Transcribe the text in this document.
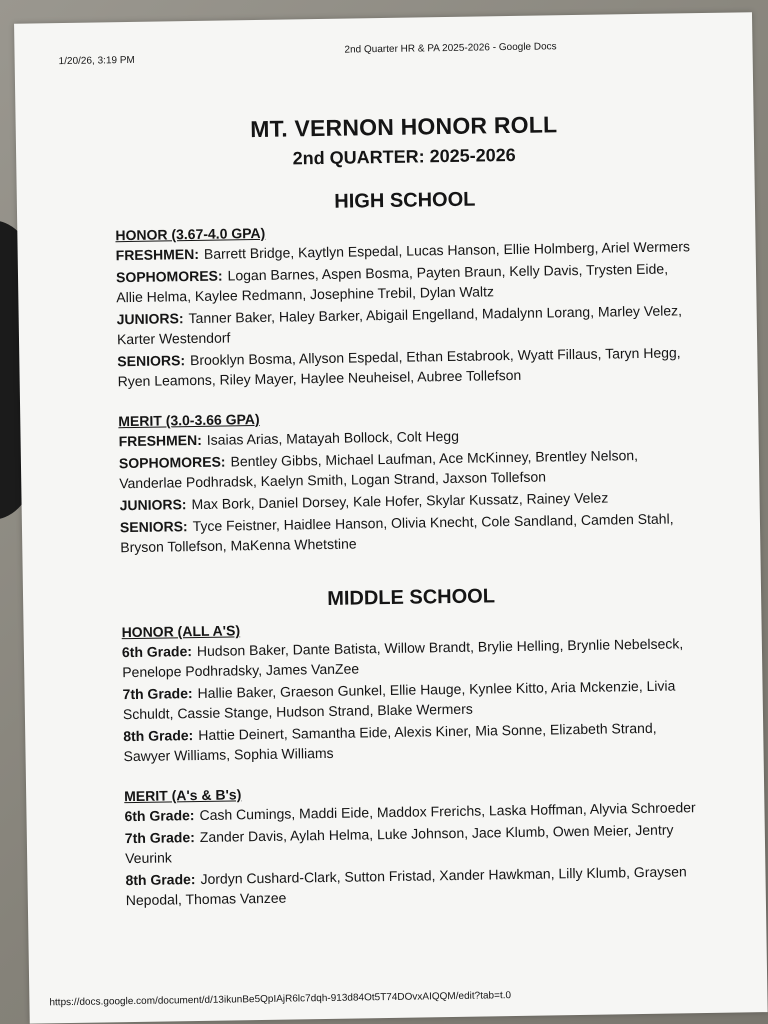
1/20/26, 3:19 PM
2nd Quarter HR & PA 2025-2026 - Google Docs
MT. VERNON HONOR ROLL
2nd QUARTER: 2025-2026
HIGH SCHOOL
HONOR (3.67-4.0 GPA)
FRESHMEN: Barrett Bridge, Kaytlyn Espedal, Lucas Hanson, Ellie Holmberg, Ariel Wermers
SOPHOMORES: Logan Barnes, Aspen Bosma, Payten Braun, Kelly Davis, Trysten Eide, Allie Helma, Kaylee Redmann, Josephine Trebil, Dylan Waltz
JUNIORS: Tanner Baker, Haley Barker, Abigail Engelland, Madalynn Lorang, Marley Velez, Karter Westendorf
SENIORS: Brooklyn Bosma, Allyson Espedal, Ethan Estabrook, Wyatt Fillaus, Taryn Hegg, Ryen Leamons, Riley Mayer, Haylee Neuheisel, Aubree Tollefson
MERIT (3.0-3.66 GPA)
FRESHMEN: Isaias Arias, Matayah Bollock, Colt Hegg
SOPHOMORES: Bentley Gibbs, Michael Laufman, Ace McKinney, Brentley Nelson, Vanderlae Podhradsk, Kaelyn Smith, Logan Strand, Jaxson Tollefson
JUNIORS: Max Bork, Daniel Dorsey, Kale Hofer, Skylar Kussatz, Rainey Velez
SENIORS: Tyce Feistner, Haidlee Hanson, Olivia Knecht, Cole Sandland, Camden Stahl, Bryson Tollefson, MaKenna Whetstine
MIDDLE SCHOOL
HONOR (ALL A'S)
6th Grade: Hudson Baker, Dante Batista, Willow Brandt, Brylie Helling, Brynlie Nebelseck, Penelope Podhradsky, James VanZee
7th Grade: Hallie Baker, Graeson Gunkel, Ellie Hauge, Kynlee Kitto, Aria Mckenzie, Livia Schuldt, Cassie Stange, Hudson Strand, Blake Wermers
8th Grade: Hattie Deinert, Samantha Eide, Alexis Kiner, Mia Sonne, Elizabeth Strand, Sawyer Williams, Sophia Williams
MERIT (A's & B's)
6th Grade: Cash Cumings, Maddi Eide, Maddox Frerichs, Laska Hoffman, Alyvia Schroeder
7th Grade: Zander Davis, Aylah Helma, Luke Johnson, Jace Klumb, Owen Meier, Jentry Veurink
8th Grade: Jordyn Cushard-Clark, Sutton Fristad, Xander Hawkman, Lilly Klumb, Graysen Nepodal, Thomas Vanzee
https://docs.google.com/document/d/13ikunBe5QpIAjR6lc7dqh-913d84Ot5T74DOvxAIQQM/edit?tab=t.0
